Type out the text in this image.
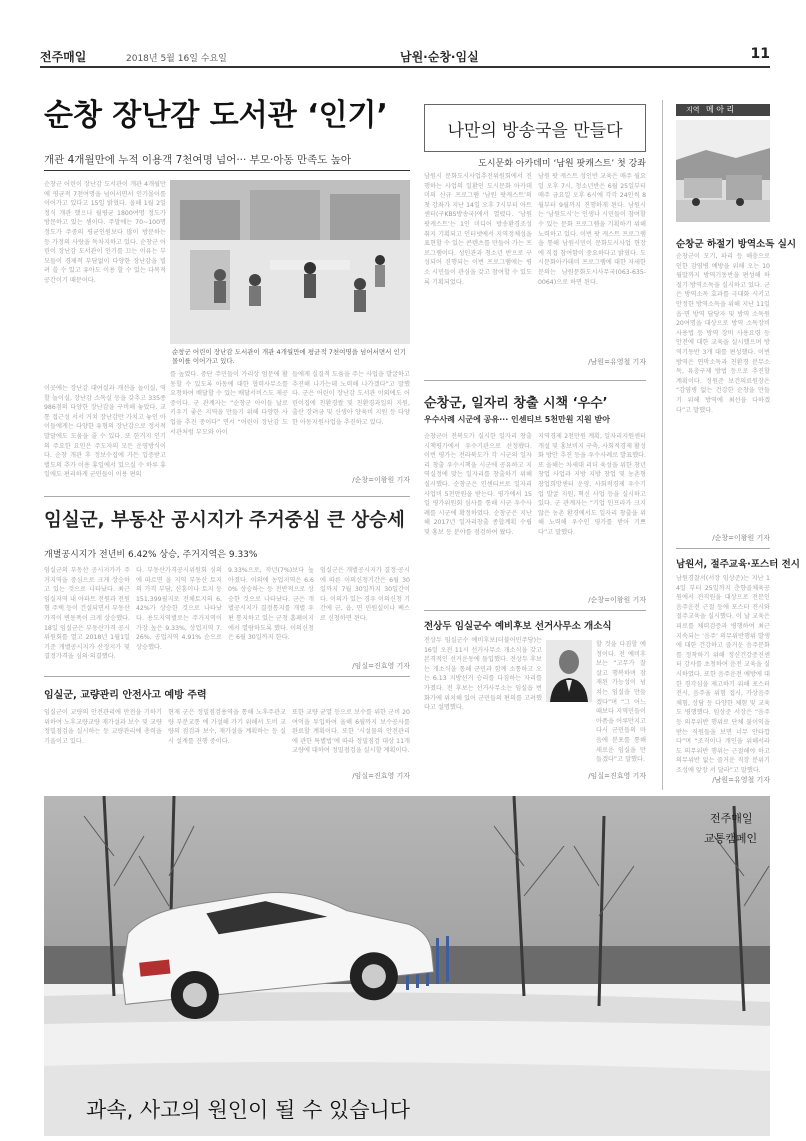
전주매일	2018년 5월 16일 수요일	남원·순창·임실	11
순창 장난감 도서관 ‘인기’
개관 4개월만에 누적 이용객 7천여명 넘어··· 부모·아동 만족도 높아
순창군 어린이 장난감 도서관이 개관 4개월만에 평균적 7천여명을 넘어서면서 인기몰이를 이어가고 있다고 15일 밝혔다. 올해 1월 2일 정식 개관 했으나 월평균 1800여명 정도가 방문하고 있는 셈이다. 주말에는 70~100명 정도가 주중의 평균인원보다 많이 방문하는 등 가정의 사랑을 독차지하고 있다. 순창군 어린이 장난감 도서관이 인기를 끄는 이유는 부모들이 경제적 부담없이 다양한 장난감을 빌려 쓸 수 있고 유아도 이용 할 수 있는 다목적 공간이기 때문이다.
순창군 어린이 장난감 도서관이 개관 4개월만에 평균적 7천여명을 넘어서면서 인기몰이를 이어가고 있다.
이곳에는 장난감 대여실과 개선을 놀이실, 역할 놀이실, 장난감 소독실 등을 갖추고 335종 986점의 다양한 장난감을 구비해 놓았다. 교통 접근성 서서 거치 장난감만 가치고 놓인 아이들에게는 다양한 유형의 장난감으로 정서적 발달에도 도움을 줄 수 있다. 또 한거지 인기의 주요한 요인은 주도자의 모든 운영방식이다. 순창 개관 후 정보수집에 가든 입증받고 별도의 추가 이용 휴일에서 있으실 수 하루 휴일에도 편리하게 군민들이 이용 편의
를 높였다. 중단 주민들이 가리상 엄문에 활동할 수 있도록 아동에 대한 협력사무소를 요청하여 배달할 수 있는 배달서비스도 제공 중이다. 군 관계자는 “순창군 아이들 날로 키우기 좋은 지역을 만들기 위해 다양한 사업을 추진 중이다” 면서 “어린이 장난감 도서관처럼 부모와 아이
들에게 실질적 도움을 주는 사업을 발굴하고 추진해 나가는데 노력해 나가겠다”고 말했다. 군은 어린이 장난감 도서관 이외에도 어린이집에 친환경쌀 및 친환경과일의 지원, 출산 장려금 및 신생아 양육비 지원 등 다양한 아동지원사업을 추진하고 있다.
/순창=이왕원 기자
나만의 방송국을 만들다
도시문화 아카데미 ‘남원 팟캐스트’ 첫 강좌
남원시 문화도시사업추진위원회에서 진행하는 사업의 일환인 도시문화 아카데미의 신규 프로그램 ‘남원 팟캐스트’의 첫 강좌가 지난 14일 오후 7시부터 아트센터(구KBS방송국)에서 열렸다. ‘남원 팟캐스트’는 1인 미디어 방송환경조성 취지 기획되고 인터넷에서 지역정체성을 표현할 수 있는 콘텐츠를 만들어 가는 프로그램이다. 성인관과 청소년 반으로 구성되어 진행되는 이번 프로그램에는 평소 시민들이 관심을 갖고 참여할 수 있도록 기획되었다.
남원 팟 캐스트 성인반 교육은 매주 월요일 오후 7시, 청소년반은 6월 25일부터 매주 금요일 오후 6시에 각각 24인씩 8월부터 9월까지 진행하게 된다. 남원시는 ‘남원도시’는 인생나 시민들이 참여할 수 있는 문화 프로그램을 기획하기 위해 노력하고 있다. 이번 팟 캐스트 프로그램을 통해 남원시민이 문화도시사업 현장에 직접 참여함이 중요하다고 밝혔다. 도시문화아카데미 프로그램에 대한 자세한 문의는 남원문화도시사무국(063-635-0064)으로 하면 된다.
/남원=유영철 기자
지역 메 아 리
순창군 하절기 방역소독 실시
순창군이 모기, 파리 등 해충으로 인한 감염병 예방을 위해 오는 10월말까지 방역기동반을 편성해 하절기 방역소독을 실시하고 있다. 군은 방역소독 효과를 극대화 시키고 안정한 방역소독을 위해 지난 11일 읍·면 방역 담당자 및 방역 소독원 20여명을 대상으로 방역 소독장비 사용법 등 방역 장비 사용요령 등 안전에 대한 교육을 실시했으며 방역기동반 3개 대를 편성했다. 이번 방역은 연막소독과 친환경 분무소독, 유충구제 방법 등으로 추진할 계획이다. 정원준 보건의료원장은 “감염병 없는 건강한 순창을 만들기 위해 방역에 최선을 다하겠다”고 말했다.
/순창=이왕원 기자
남원서, 절주교육·포스터 전시
남원경찰서(서장 임상준)는 지난 14일 부터 25일까지 춘향골체육공원에서 전직원을 대상으로 전문인 음주운전 근절 등에 포스터 전시와 절주교육을 실시했다. 이 날 교육은 피로를 체력검증과 병행하여 최근 지속되는 ‘음주’ 의무위반행위 발생에 대한 건강하고 즐거운 음주문화를 정착하기 위해 정신건강증진센터 강사를 초청하여 운전 교육을 실시하였다. 또한 음주운전 예방에 대한 경각심을 제고하기 위해 포스터 전시, 음주율 위험 접시, 가상음주체험, 상담 등 다양한 체험 및 교육도 병행했다. 임상준 서장은 “음주 등 의무위반 행위로 단체 불이익을 받는 직원들을 보면 너무 안타깝다”며 “조직이나 개인을 위해서라도 의무위반 행위는 근절해야 하고 의무위반 없는 즐거운 직장 분위기 조성에 앞장 서 달라”고 말했다.
/남원=유영철 기자
순창군, 일자리 창출 시책 ‘우수’
우수사례 시군에 공유··· 인센티브 5천만원 지원 받아
순창군이 전북도가 실시한 일자리 창출 시책평가에서 우수기관으로 선정됐다. 이번 평가는 전라북도가 각 시군의 일자리 창출 우수시책을 시군에 공유하고 지역실정에 맞는 일자리를 창출하기 위해 실시했다. 순창군은 인센티브로 일자리 사업비 5천만원을 받는다. 평가에서 15일 평가위원회 심사를 통해 시군 우수사례를 시군에 확정하였다. 순창군은 지난해 2017년 일자리창출 종합계획 수립 및 홍보 등 분야를 점검하여 왔다.
지역경제 2천만원 계획, 일자리지원센터 개설 및 홍보비지 구축, 사회적경제 활성화 방안 추진 등을 우수사례로 발표했다. 또 올해는 차세대 리더 육성을 위한 창년창업 사업과 지방 지방 창업 및 농촌형 창업희망센터 운영, 사회적경제 우수기업 발굴 지원, 혁신 사업 등을 실시하고 있다. 군 관계자는 “기업 인프라가 크지 않은 농촌 환경에서도 일자리 창출을 위해 노력해 우수인 평가를 받아 기쁘다”고 말했다.
/순창=이왕원 기자
임실군, 부동산 공시지가 주거중심 큰 상승세
개별공시지가 전년비 6.42% 상승, 주거지역은 9.33%
임실군의 부동산 공시지가가 주거지역을 중심으로 크게 상승하고 있는 것으로 나타났다. 최근 임실지역 내 아파트 전원과 전원형 주택 등이 건설되면서 부동산 가격이 변동폭이 크게 상승했다. 18일 임실군은 부동산가격 공시위원회를 열고 2018년 1월1일 기준 개별공시지가 산정지가 및 결정가격을 심의·의결했다.
다. 부동산가격공시위원회 심의에 따르면 올 지역 부동산 토지의 가격 부담, 신흥이나 토지 등 151,399필지로 전체토지의 6.42%가 상승한 것으로 나타났다. 용도지역별로는 주거지역이 가장 높은 9.33%, 상업지역 7.26%, 공업지역 4.91% 순으로 상승했다.
9.33%으로, 작년(7%)보다 높아졌다. 이외에 농업지역은 6.60% 상승하는 등 전반적으로 상승한 것으로 나타났다. 군은 개별공시지가 결정통지를 개별 우편 통지하고 있는 군청 홈페이지에서 열람하도록 했다. 이의신청은 6월 30일까지 한다.
임실군은 개별공시지가 결정·공시에 따른 이의신청기간은 6월 30일까지 7월 30일까지 30일간이다. 이의가 있는 경우 이의신청 기간에 군, 읍, 면 민원실이나 팩스로 신청하면 된다.
/임실=진효영 기자
임실군, 교량관리 안전사고 예방 주력
임실군이 교량의 안전관리에 만전을 기하기 위하여 노후교량교량 재가설과 보수 및 교량정밀점검을 실시하는 등 교량관리에 총력을 기울이고 있다.
현재 군은 정밀점검용역을 통해 노후주관교량 부분교통 에 가설해 가기 위해서 도비 교량의 점검과 보수, 재가설을 계획하는 등 실시 설계를 진행 중이다.
또한 교량 균열 등으로 보수를 위한 군비 20여억을 투입하여 올해 6월까지 보수공사를 완료할 계획이다. 또한 ‘시설물의 안전관리에 관한 특별법’에 따라 정밀점검 대상 11개 교량에 대하여 정밀점검을 실시할 계획이다.
/임실=진효영 기자
전상두 임실군수 예비후보 선거사무소 개소식
전상두 임실군수 예비후보(더불어민주당)는 16일 오전 11시 선거사무소 개소식을 갖고 본격적인 선거운동에 돌입했다. 전상두 후보는 개소식을 통해 군민과 함께 소통하고 오는 6.13 지방선거 승리를 다짐하는 자리를 가졌다. 전 후보는 선거사무소는 임실읍 번화가에 위치해 있어 군민들의 편의를 고려했다고 설명했다.
할 것을 다짐할 예정이다. 전 예비후보는 “고무가 잘 살고 행복하며 잠재된 가능성이 넘치는 임실을 만들겠다”며 “그 어느 때보다 지역민들이 아픔을 어루만지고 다시 군민들의 마음에 분포를 통해 새로운 임실을 만들겠다”고 말했다.
/임실=진효영 기자
전주매일
교통캠페인
과속, 사고의 원인이 될 수 있습니다
